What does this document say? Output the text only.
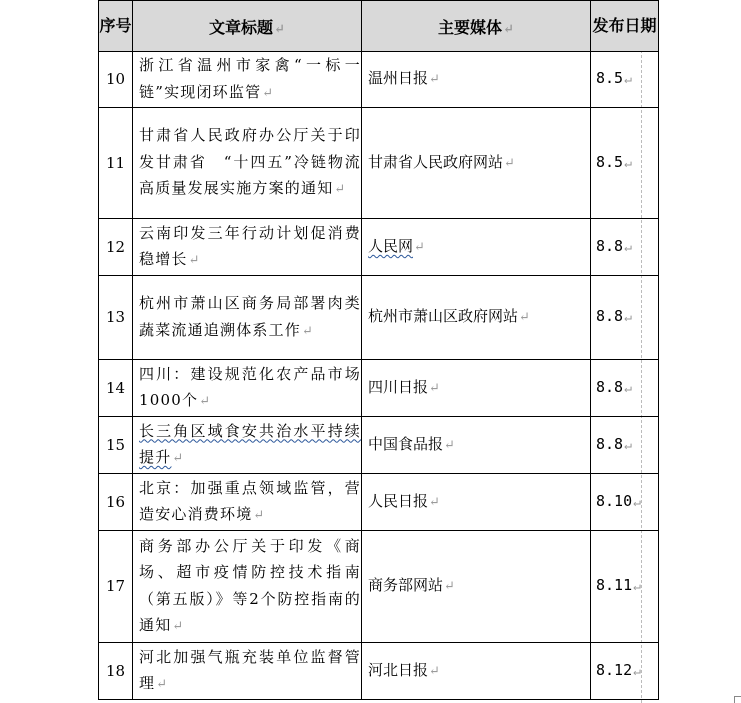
序号	文章标题↵	主要媒体↵	发布日期
10	浙江省温州市家禽“一标一链”实现闭环监管↵	温州日报↵	8.5↵
11	甘肃省人民政府办公厅关于印发甘肃省　“十四五”冷链物流高质量发展实施方案的通知↵	甘肃省人民政府网站↵	8.5↵
12	云南印发三年行动计划促消费稳增长↵	人民网↵	8.8↵
13	杭州市萧山区商务局部署肉类蔬菜流通追溯体系工作↵	杭州市萧山区政府网站↵	8.8↵
14	四川：建设规范化农产品市场1000个↵	四川日报↵	8.8↵
15	长三角区域食安共治水平持续提升↵	中国食品报↵	8.8↵
16	北京：加强重点领域监管，营造安心消费环境↵	人民日报↵	8.10↵
17	商务部办公厅关于印发《商场、超市疫情防控技术指南（第五版）》等2个防控指南的通知↵	商务部网站↵	8.11↵
18	河北加强气瓶充装单位监督管理↵	河北日报↵	8.12↵
